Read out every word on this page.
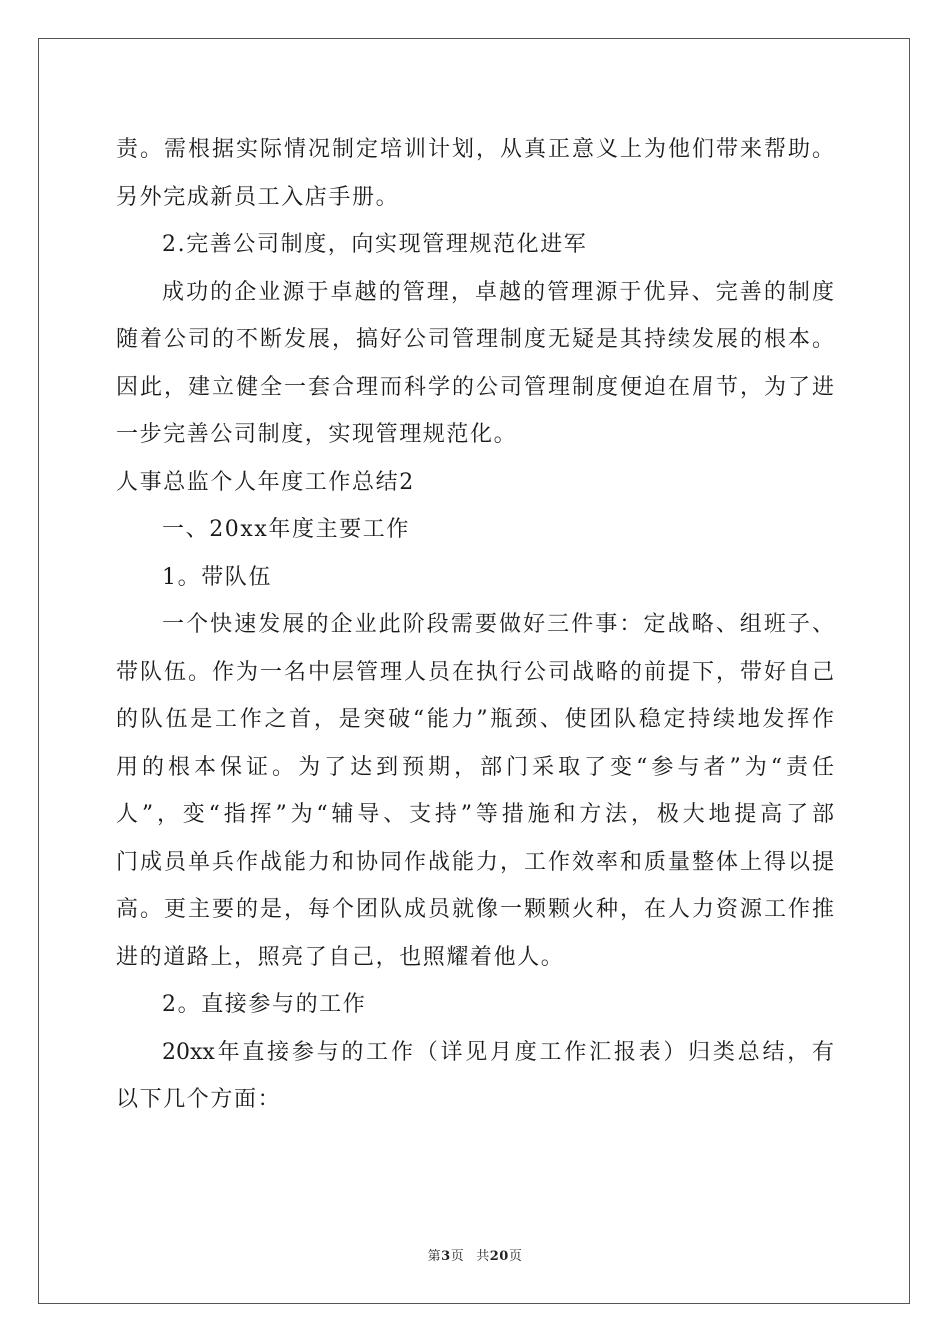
责。需根据实际情况制定培训计划，从真正意义上为他们带来帮助。
另外完成新员工入店手册。
2.完善公司制度，向实现管理规范化进军
成功的企业源于卓越的管理，卓越的管理源于优异、完善的制度
随着公司的不断发展，搞好公司管理制度无疑是其持续发展的根本。
因此，建立健全一套合理而科学的公司管理制度便迫在眉节，为了进
一步完善公司制度，实现管理规范化。
人事总监个人年度工作总结2
一、20xx年度主要工作
1。带队伍
一个快速发展的企业此阶段需要做好三件事：定战略、组班子、
带队伍。作为一名中层管理人员在执行公司战略的前提下，带好自己
的队伍是工作之首，是突破“能力”瓶颈、使团队稳定持续地发挥作
用的根本保证。为了达到预期，部门采取了变“参与者”为“责任
人”，变“指挥”为“辅导、支持”等措施和方法，极大地提高了部
门成员单兵作战能力和协同作战能力，工作效率和质量整体上得以提
高。更主要的是，每个团队成员就像一颗颗火种，在人力资源工作推
进的道路上，照亮了自己，也照耀着他人。
2。直接参与的工作
20xx年直接参与的工作（详见月度工作汇报表）归类总结，有
以下几个方面：
第3页 共20页
